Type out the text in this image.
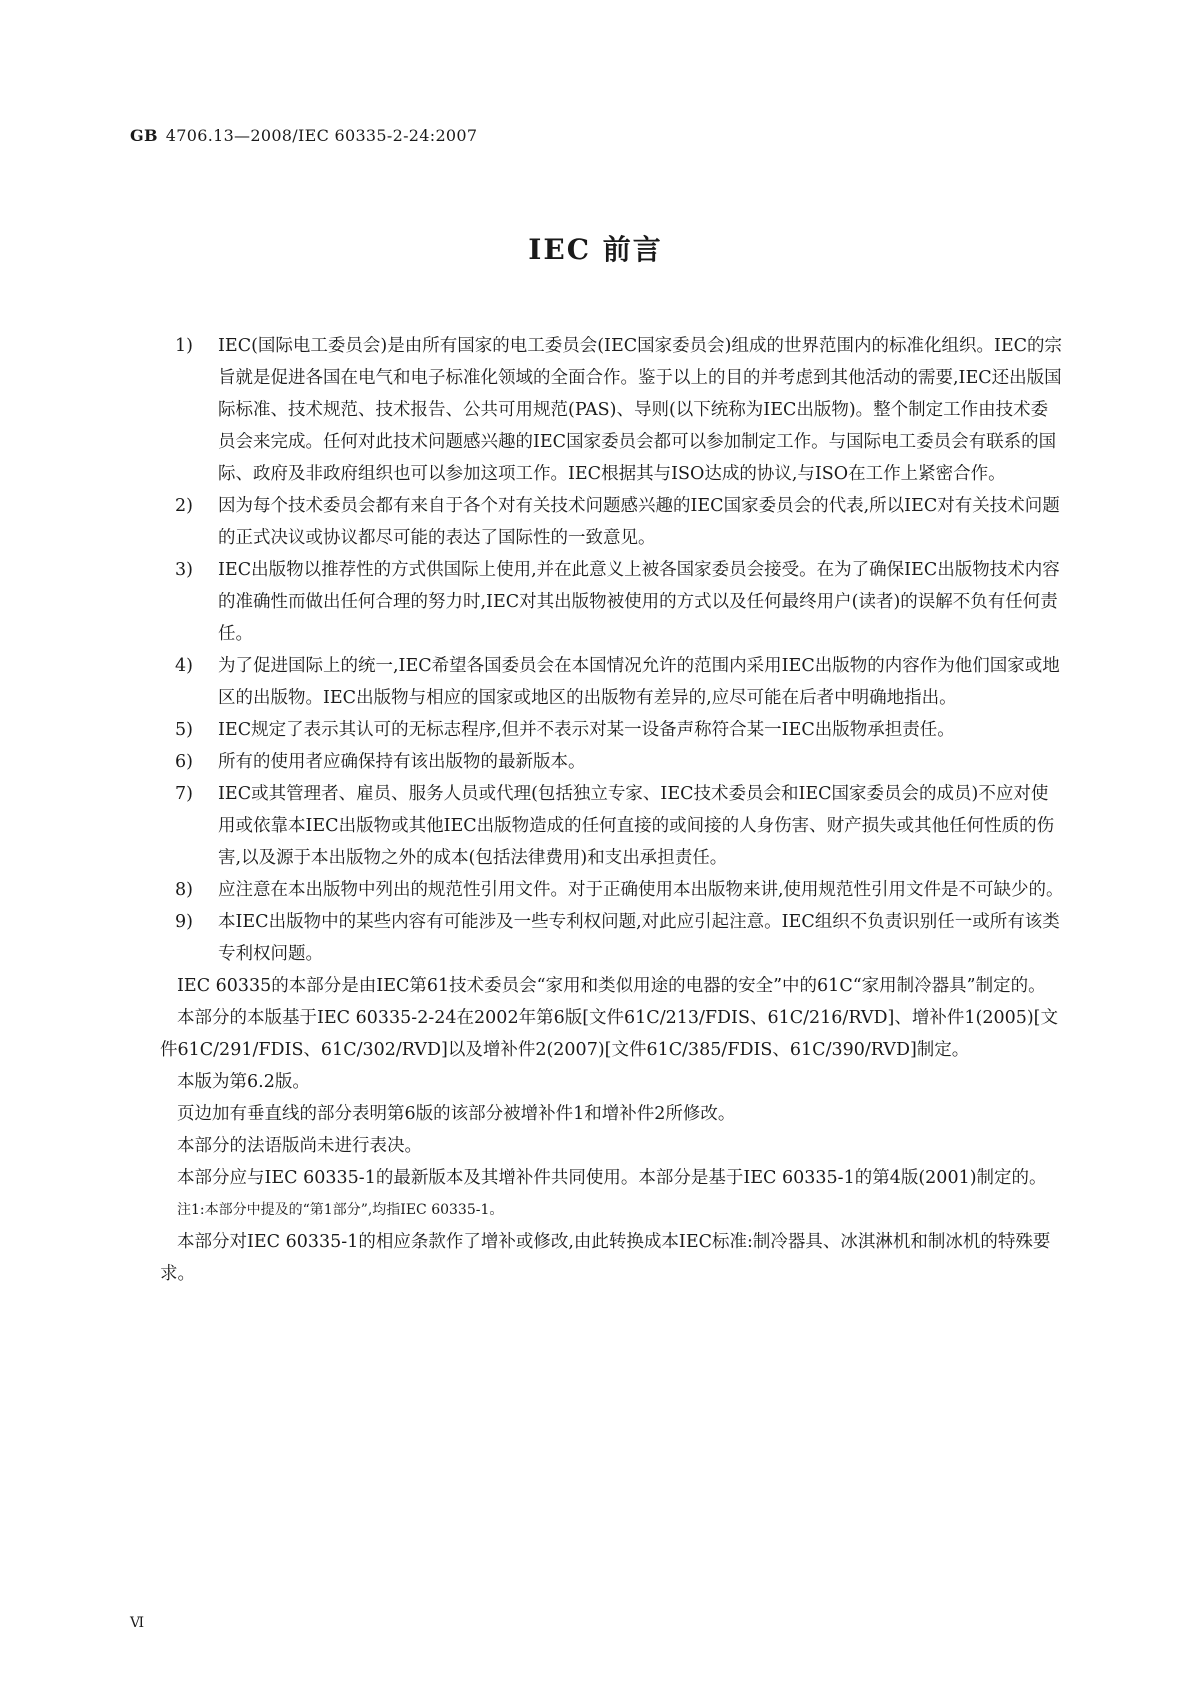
GB 4706.13—2008/IEC 60335-2-24:2007
IEC 前言
1) IEC(国际电工委员会)是由所有国家的电工委员会(IEC国家委员会)组成的世界范围内的标准化组织。IEC的宗旨就是促进各国在电气和电子标准化领域的全面合作。鉴于以上的目的并考虑到其他活动的需要,IEC还出版国际标准、技术规范、技术报告、公共可用规范(PAS)、导则(以下统称为IEC出版物)。整个制定工作由技术委员会来完成。任何对此技术问题感兴趣的IEC国家委员会都可以参加制定工作。与国际电工委员会有联系的国际、政府及非政府组织也可以参加这项工作。IEC根据其与ISO达成的协议,与ISO在工作上紧密合作。
2) 因为每个技术委员会都有来自于各个对有关技术问题感兴趣的IEC国家委员会的代表,所以IEC对有关技术问题的正式决议或协议都尽可能的表达了国际性的一致意见。
3) IEC出版物以推荐性的方式供国际上使用,并在此意义上被各国家委员会接受。在为了确保IEC出版物技术内容的准确性而做出任何合理的努力时,IEC对其出版物被使用的方式以及任何最终用户(读者)的误解不负有任何责任。
4) 为了促进国际上的统一,IEC希望各国委员会在本国情况允许的范围内采用IEC出版物的内容作为他们国家或地区的出版物。IEC出版物与相应的国家或地区的出版物有差异的,应尽可能在后者中明确地指出。
5) IEC规定了表示其认可的无标志程序,但并不表示对某一设备声称符合某一IEC出版物承担责任。
6) 所有的使用者应确保持有该出版物的最新版本。
7) IEC或其管理者、雇员、服务人员或代理(包括独立专家、IEC技术委员会和IEC国家委员会的成员)不应对使用或依靠本IEC出版物或其他IEC出版物造成的任何直接的或间接的人身伤害、财产损失或其他任何性质的伤害,以及源于本出版物之外的成本(包括法律费用)和支出承担责任。
8) 应注意在本出版物中列出的规范性引用文件。对于正确使用本出版物来讲,使用规范性引用文件是不可缺少的。
9) 本IEC出版物中的某些内容有可能涉及一些专利权问题,对此应引起注意。IEC组织不负责识别任一或所有该类专利权问题。
IEC 60335的本部分是由IEC第61技术委员会“家用和类似用途的电器的安全”中的61C“家用制冷器具”制定的。
本部分的本版基于IEC 60335-2-24在2002年第6版[文件61C/213/FDIS、61C/216/RVD]、增补件1(2005)[文件61C/291/FDIS、61C/302/RVD]以及增补件2(2007)[文件61C/385/FDIS、61C/390/RVD]制定。
本版为第6.2版。
页边加有垂直线的部分表明第6版的该部分被增补件1和增补件2所修改。
本部分的法语版尚未进行表决。
本部分应与IEC 60335-1的最新版本及其增补件共同使用。本部分是基于IEC 60335-1的第4版(2001)制定的。
注1:本部分中提及的“第1部分”,均指IEC 60335-1。
本部分对IEC 60335-1的相应条款作了增补或修改,由此转换成本IEC标准:制冷器具、冰淇淋机和制冰机的特殊要求。
Ⅵ
